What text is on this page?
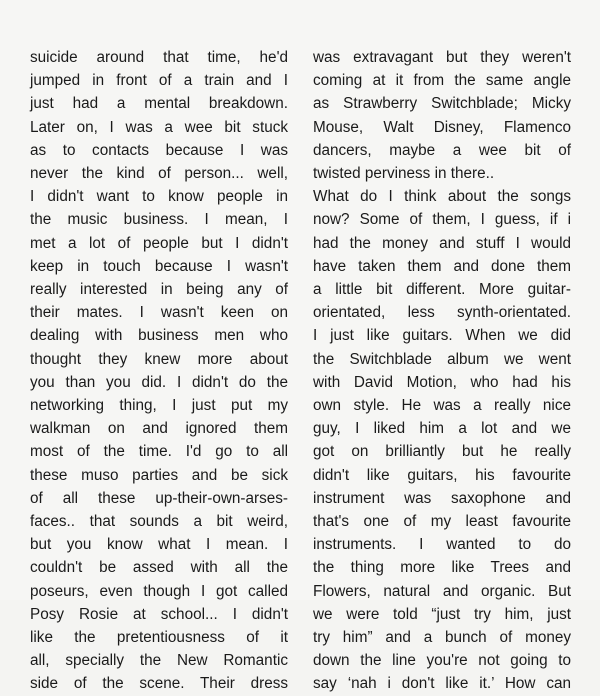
suicide around that time, he'd
jumped in front of a train and I
just had a mental breakdown.
Later on, I was a wee bit stuck
as to contacts because I was
never the kind of person... well,
I didn't want to know people in
the music business. I mean, I
met a lot of people but I didn't
keep in touch because I wasn't
really interested in being any of
their mates. I wasn't keen on
dealing with business men who
thought they knew more about
you than you did. I didn't do the
networking thing, I just put my
walkman on and ignored them
most of the time. I'd go to all
these muso parties and be sick
of all these up-their-own-arses-
faces.. that sounds a bit weird,
but you know what I mean. I
couldn't be assed with all the
poseurs, even though I got called
Posy Rosie at school... I didn't
like the pretentiousness of it
all, specially the New Romantic
side of the scene. Their dress
was extravagant but they weren't
coming at it from the same angle
as Strawberry Switchblade; Micky
Mouse, Walt Disney, Flamenco
dancers, maybe a wee bit of
twisted perviness in there..
What do I think about the songs
now? Some of them, I guess, if i
had the money and stuff I would
have taken them and done them
a little bit different. More guitar-
orientated, less synth-orientated.
I just like guitars. When we did
the Switchblade album we went
with David Motion, who had his
own style. He was a really nice
guy, I liked him a lot and we
got on brilliantly but he really
didn't like guitars, his favourite
instrument was saxophone and
that's one of my least favourite
instruments. I wanted to do
the thing more like Trees and
Flowers, natural and organic. But
we were told “just try him, just
try him” and a bunch of money
down the line you're not going to
say ‘nah i don't like it.’ How can
